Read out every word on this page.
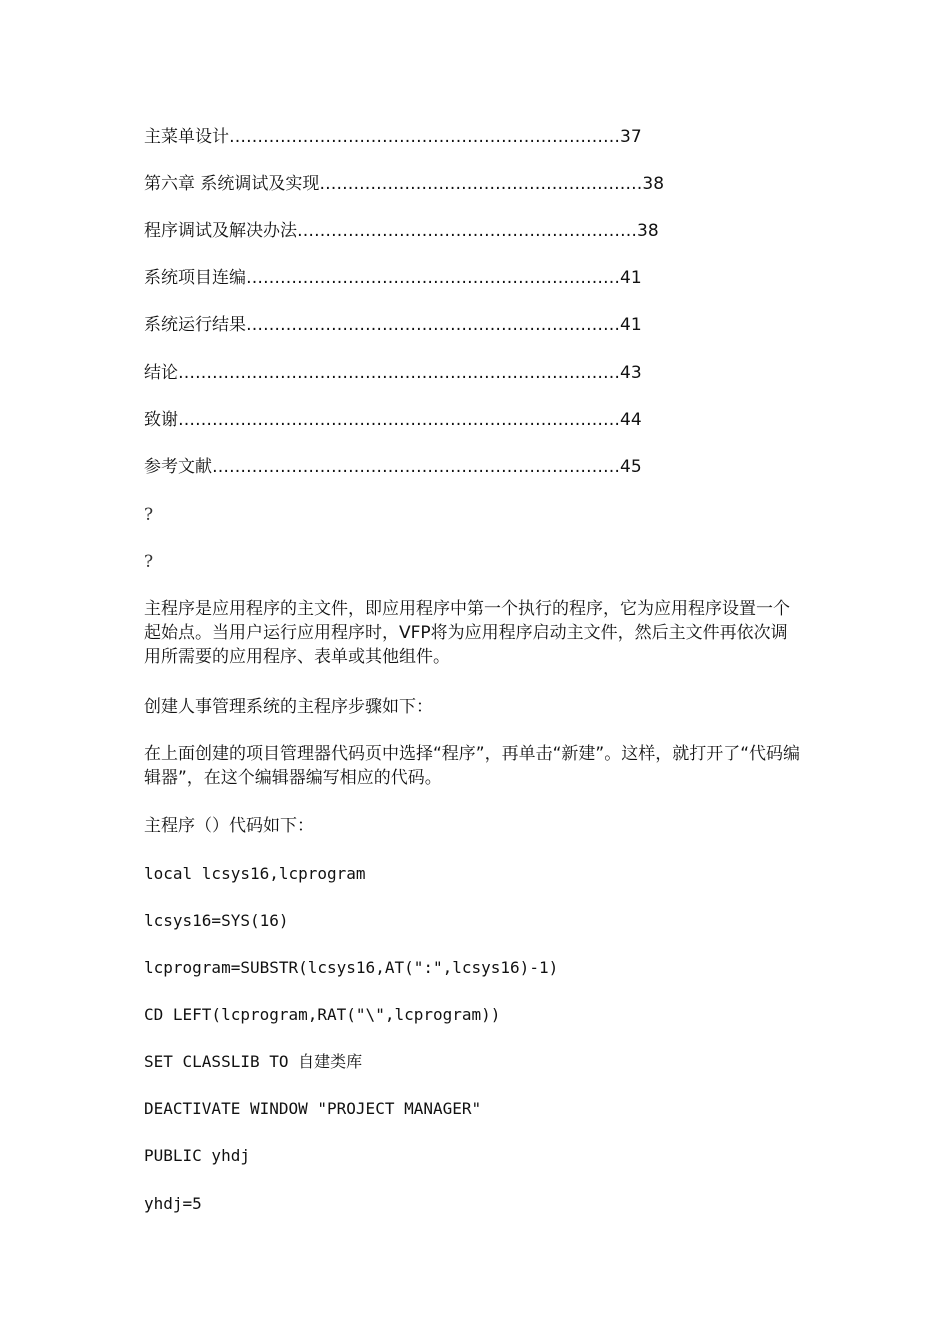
主菜单设计……………………………………………………………37

第六章 系统调试及实现…………………………………………………38

程序调试及解决办法……………………………………………………38

系统项目连编…………………………………………………………41

系统运行结果…………………………………………………………41

结论……………………………………………………………………43

致谢……………………………………………………………………44

参考文献………………………………………………………………45

?

?

主程序是应用程序的主文件，即应用程序中第一个执行的程序，它为应用程序设置一个起始点。当用户运行应用程序时，VFP将为应用程序启动主文件，然后主文件再依次调用所需要的应用程序、表单或其他组件。

创建人事管理系统的主程序步骤如下：

在上面创建的项目管理器代码页中选择“程序”，再单击“新建”。这样，就打开了“代码编辑器”，在这个编辑器编写相应的代码。

主程序（）代码如下：

local lcsys16,lcprogram

lcsys16=SYS(16)

lcprogram=SUBSTR(lcsys16,AT(":",lcsys16)-1)

CD LEFT(lcprogram,RAT("\",lcprogram))

SET CLASSLIB TO 自建类库

DEACTIVATE WINDOW "PROJECT MANAGER"

PUBLIC yhdj

yhdj=5
